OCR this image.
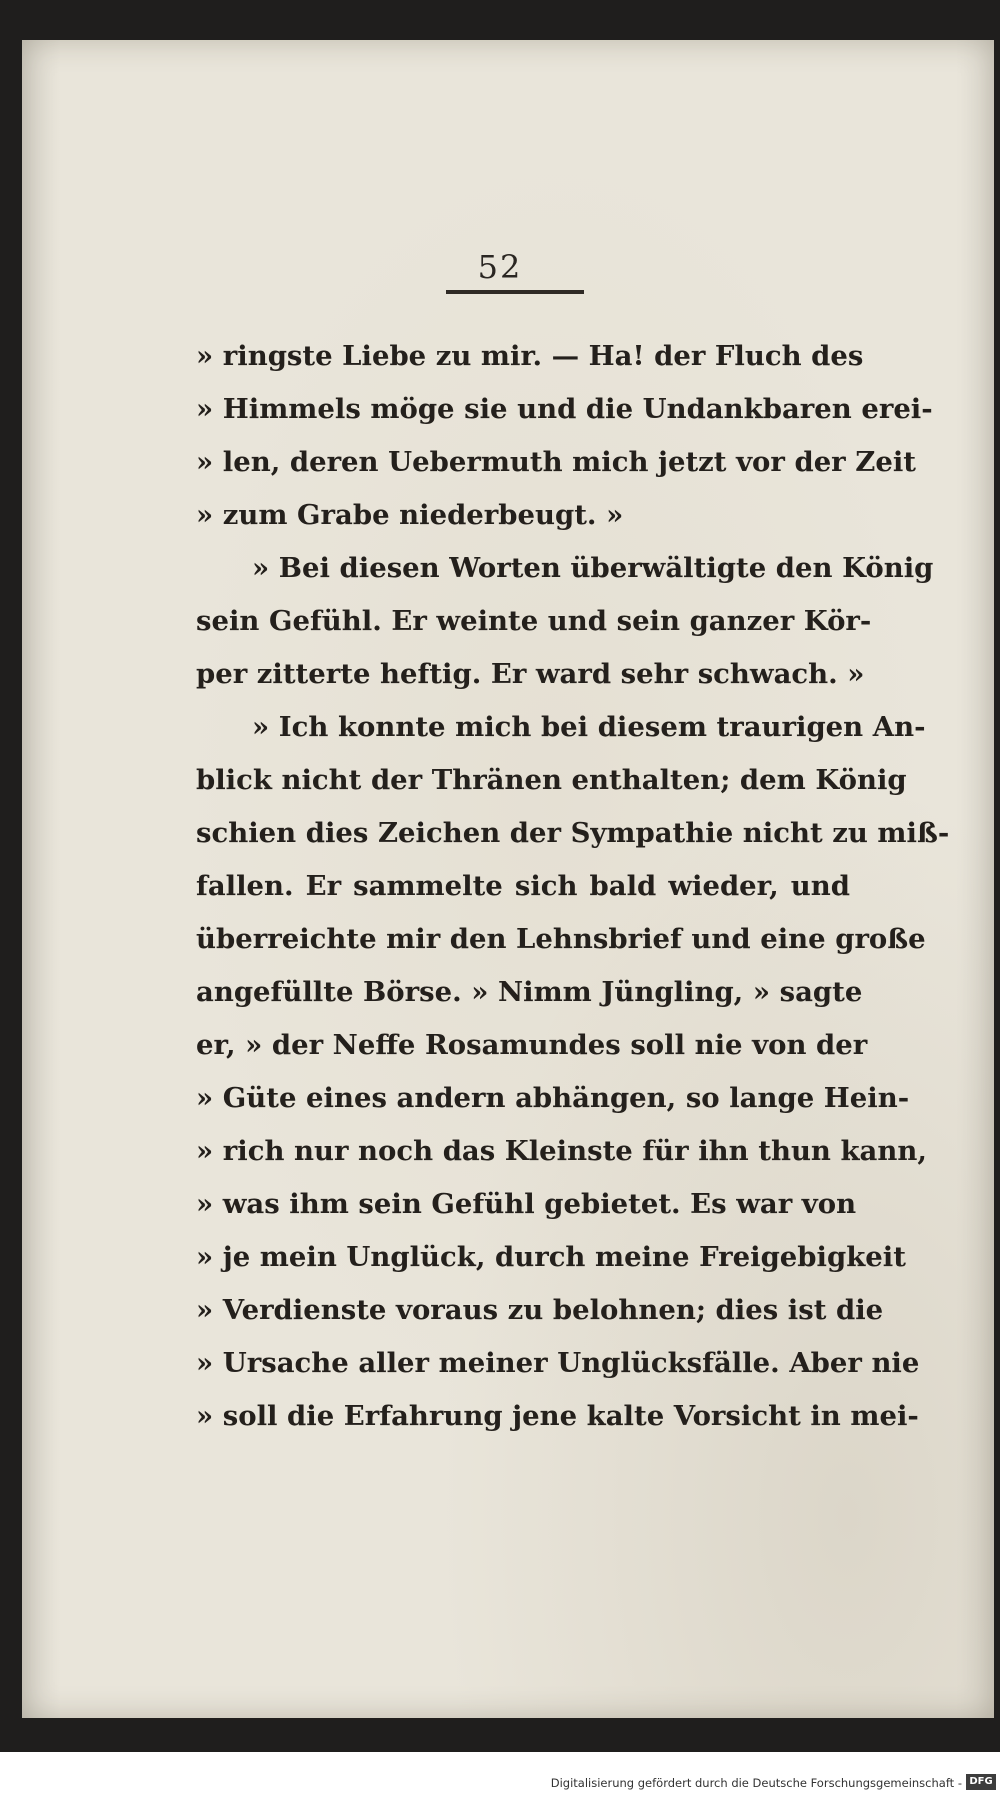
52
» ringste Liebe zu mir. — Ha! der Fluch des
» Himmels möge sie und die Undankbaren erei-
» len, deren Uebermuth mich jetzt vor der Zeit
» zum Grabe niederbeugt. »
» Bei diesen Worten überwältigte den König
sein Gefühl. Er weinte und sein ganzer Kör-
per zitterte heftig. Er ward sehr schwach. »
» Ich konnte mich bei diesem traurigen An-
blick nicht der Thränen enthalten; dem König
schien dies Zeichen der Sympathie nicht zu miß-
fallen. Er sammelte sich bald wieder, und
überreichte mir den Lehnsbrief und eine große
angefüllte Börse. » Nimm Jüngling, » sagte
er, » der Neffe Rosamundes soll nie von der
» Güte eines andern abhängen, so lange Hein-
» rich nur noch das Kleinste für ihn thun kann,
» was ihm sein Gefühl gebietet. Es war von
» je mein Unglück, durch meine Freigebigkeit
» Verdienste voraus zu belohnen; dies ist die
» Ursache aller meiner Unglücksfälle. Aber nie
» soll die Erfahrung jene kalte Vorsicht in mei-
Digitalisierung gefördert durch die Deutsche Forschungsgemeinschaft - DFG
